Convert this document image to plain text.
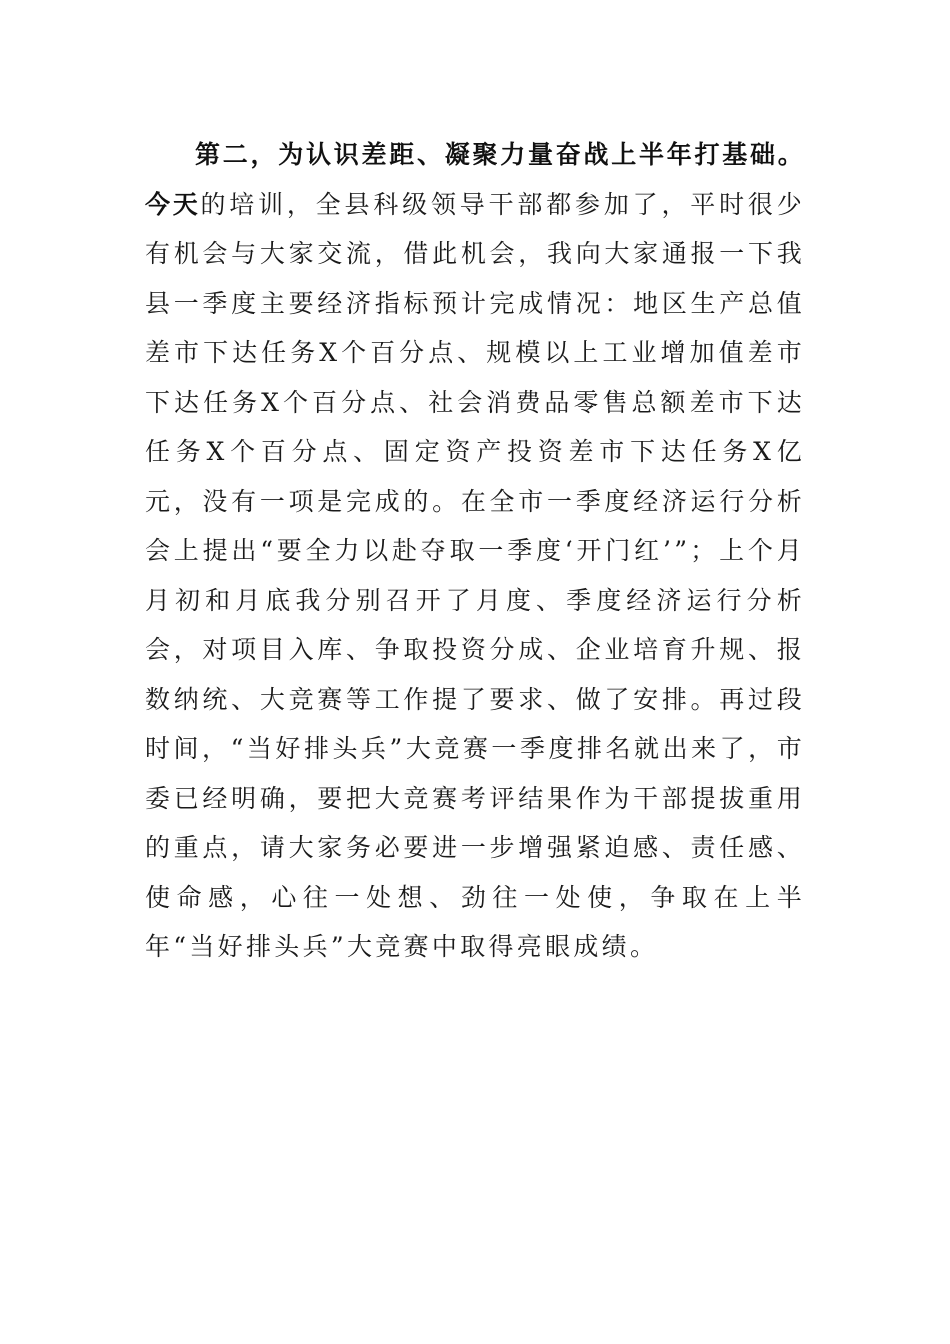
第二，为认识差距、凝聚力量奋战上半年打基础。今天的培训，全县科级领导干部都参加了，平时很少有机会与大家交流，借此机会，我向大家通报一下我县一季度主要经济指标预计完成情况：地区生产总值差市下达任务X个百分点、规模以上工业增加值差市下达任务X个百分点、社会消费品零售总额差市下达任务X个百分点、固定资产投资差市下达任务X亿元，没有一项是完成的。在全市一季度经济运行分析会上提出“要全力以赴夺取一季度‘开门红’”；上个月月初和月底我分别召开了月度、季度经济运行分析会，对项目入库、争取投资分成、企业培育升规、报数纳统、大竞赛等工作提了要求、做了安排。再过段时间，“当好排头兵”大竞赛一季度排名就出来了，市委已经明确，要把大竞赛考评结果作为干部提拔重用的重点，请大家务必要进一步增强紧迫感、责任感、使命感，心往一处想、劲往一处使，争取在上半年“当好排头兵”大竞赛中取得亮眼成绩。
